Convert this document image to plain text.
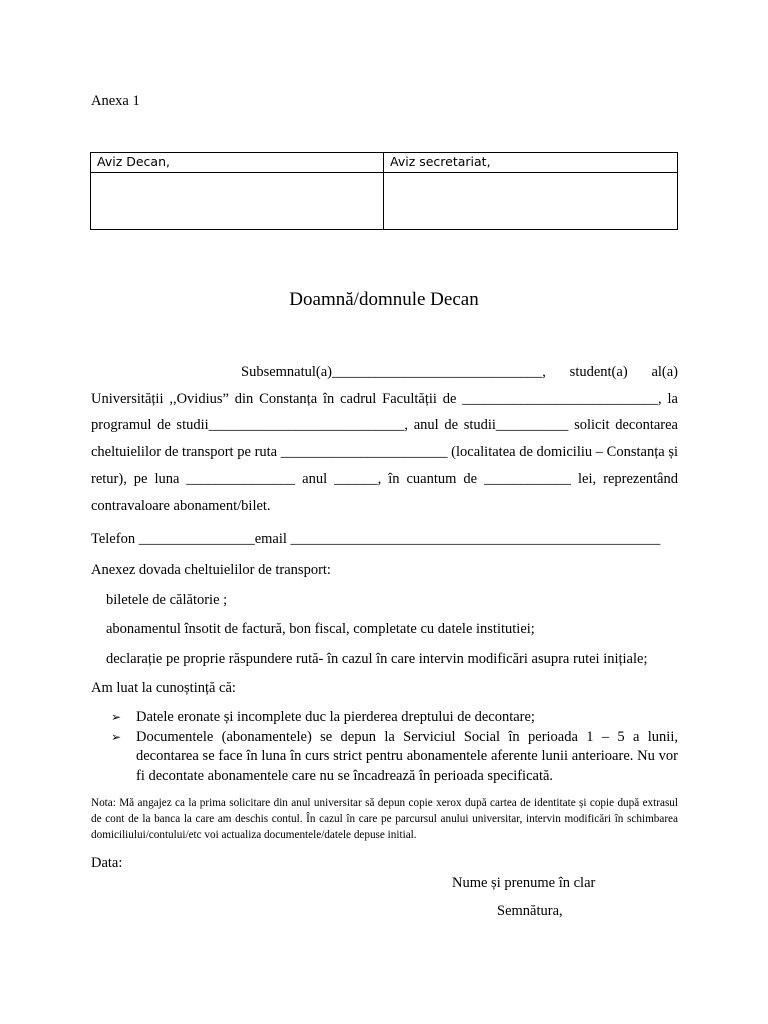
Anexa 1
Aviz Decan,	Aviz secretariat,

Doamnă/domnule Decan
Subsemnatul(a)_____________________________, student(a) al(a) Universității ,,Ovidius” din Constanța în cadrul Facultății de ___________________________, la programul de studii___________________________, anul de studii__________ solicit decontarea cheltuielilor de transport pe ruta _______________________ (localitatea de domiciliu – Constanța și retur), pe luna _______________ anul ______, în cuantum de ____________ lei, reprezentând contravaloare abonament/bilet.
Telefon ________________email ___________________________________________________
Anexez dovada cheltuielilor de transport:
biletele de călătorie ;
abonamentul însotit de factură, bon fiscal, completate cu datele institutiei;
declarație pe proprie răspundere rută- în cazul în care intervin modificări asupra rutei inițiale;
Am luat la cunoștință că:
➢ Datele eronate și incomplete duc la pierderea dreptului de decontare;
➢ Documentele (abonamentele) se depun la Serviciul Social în perioada 1 – 5 a lunii, decontarea se face în luna în curs strict pentru abonamentele aferente lunii anterioare. Nu vor fi decontate abonamentele care nu se încadrează în perioada specificată.
Nota: Mă angajez ca la prima solicitare din anul universitar să depun copie xerox după cartea de identitate și copie după extrasul de cont de la banca la care am deschis contul. În cazul în care pe parcursul anului universitar, intervin modificări în schimbarea domiciliului/contului/etc voi actualiza documentele/datele depuse initial.
Data:
Nume și prenume în clar
Semnătura,
